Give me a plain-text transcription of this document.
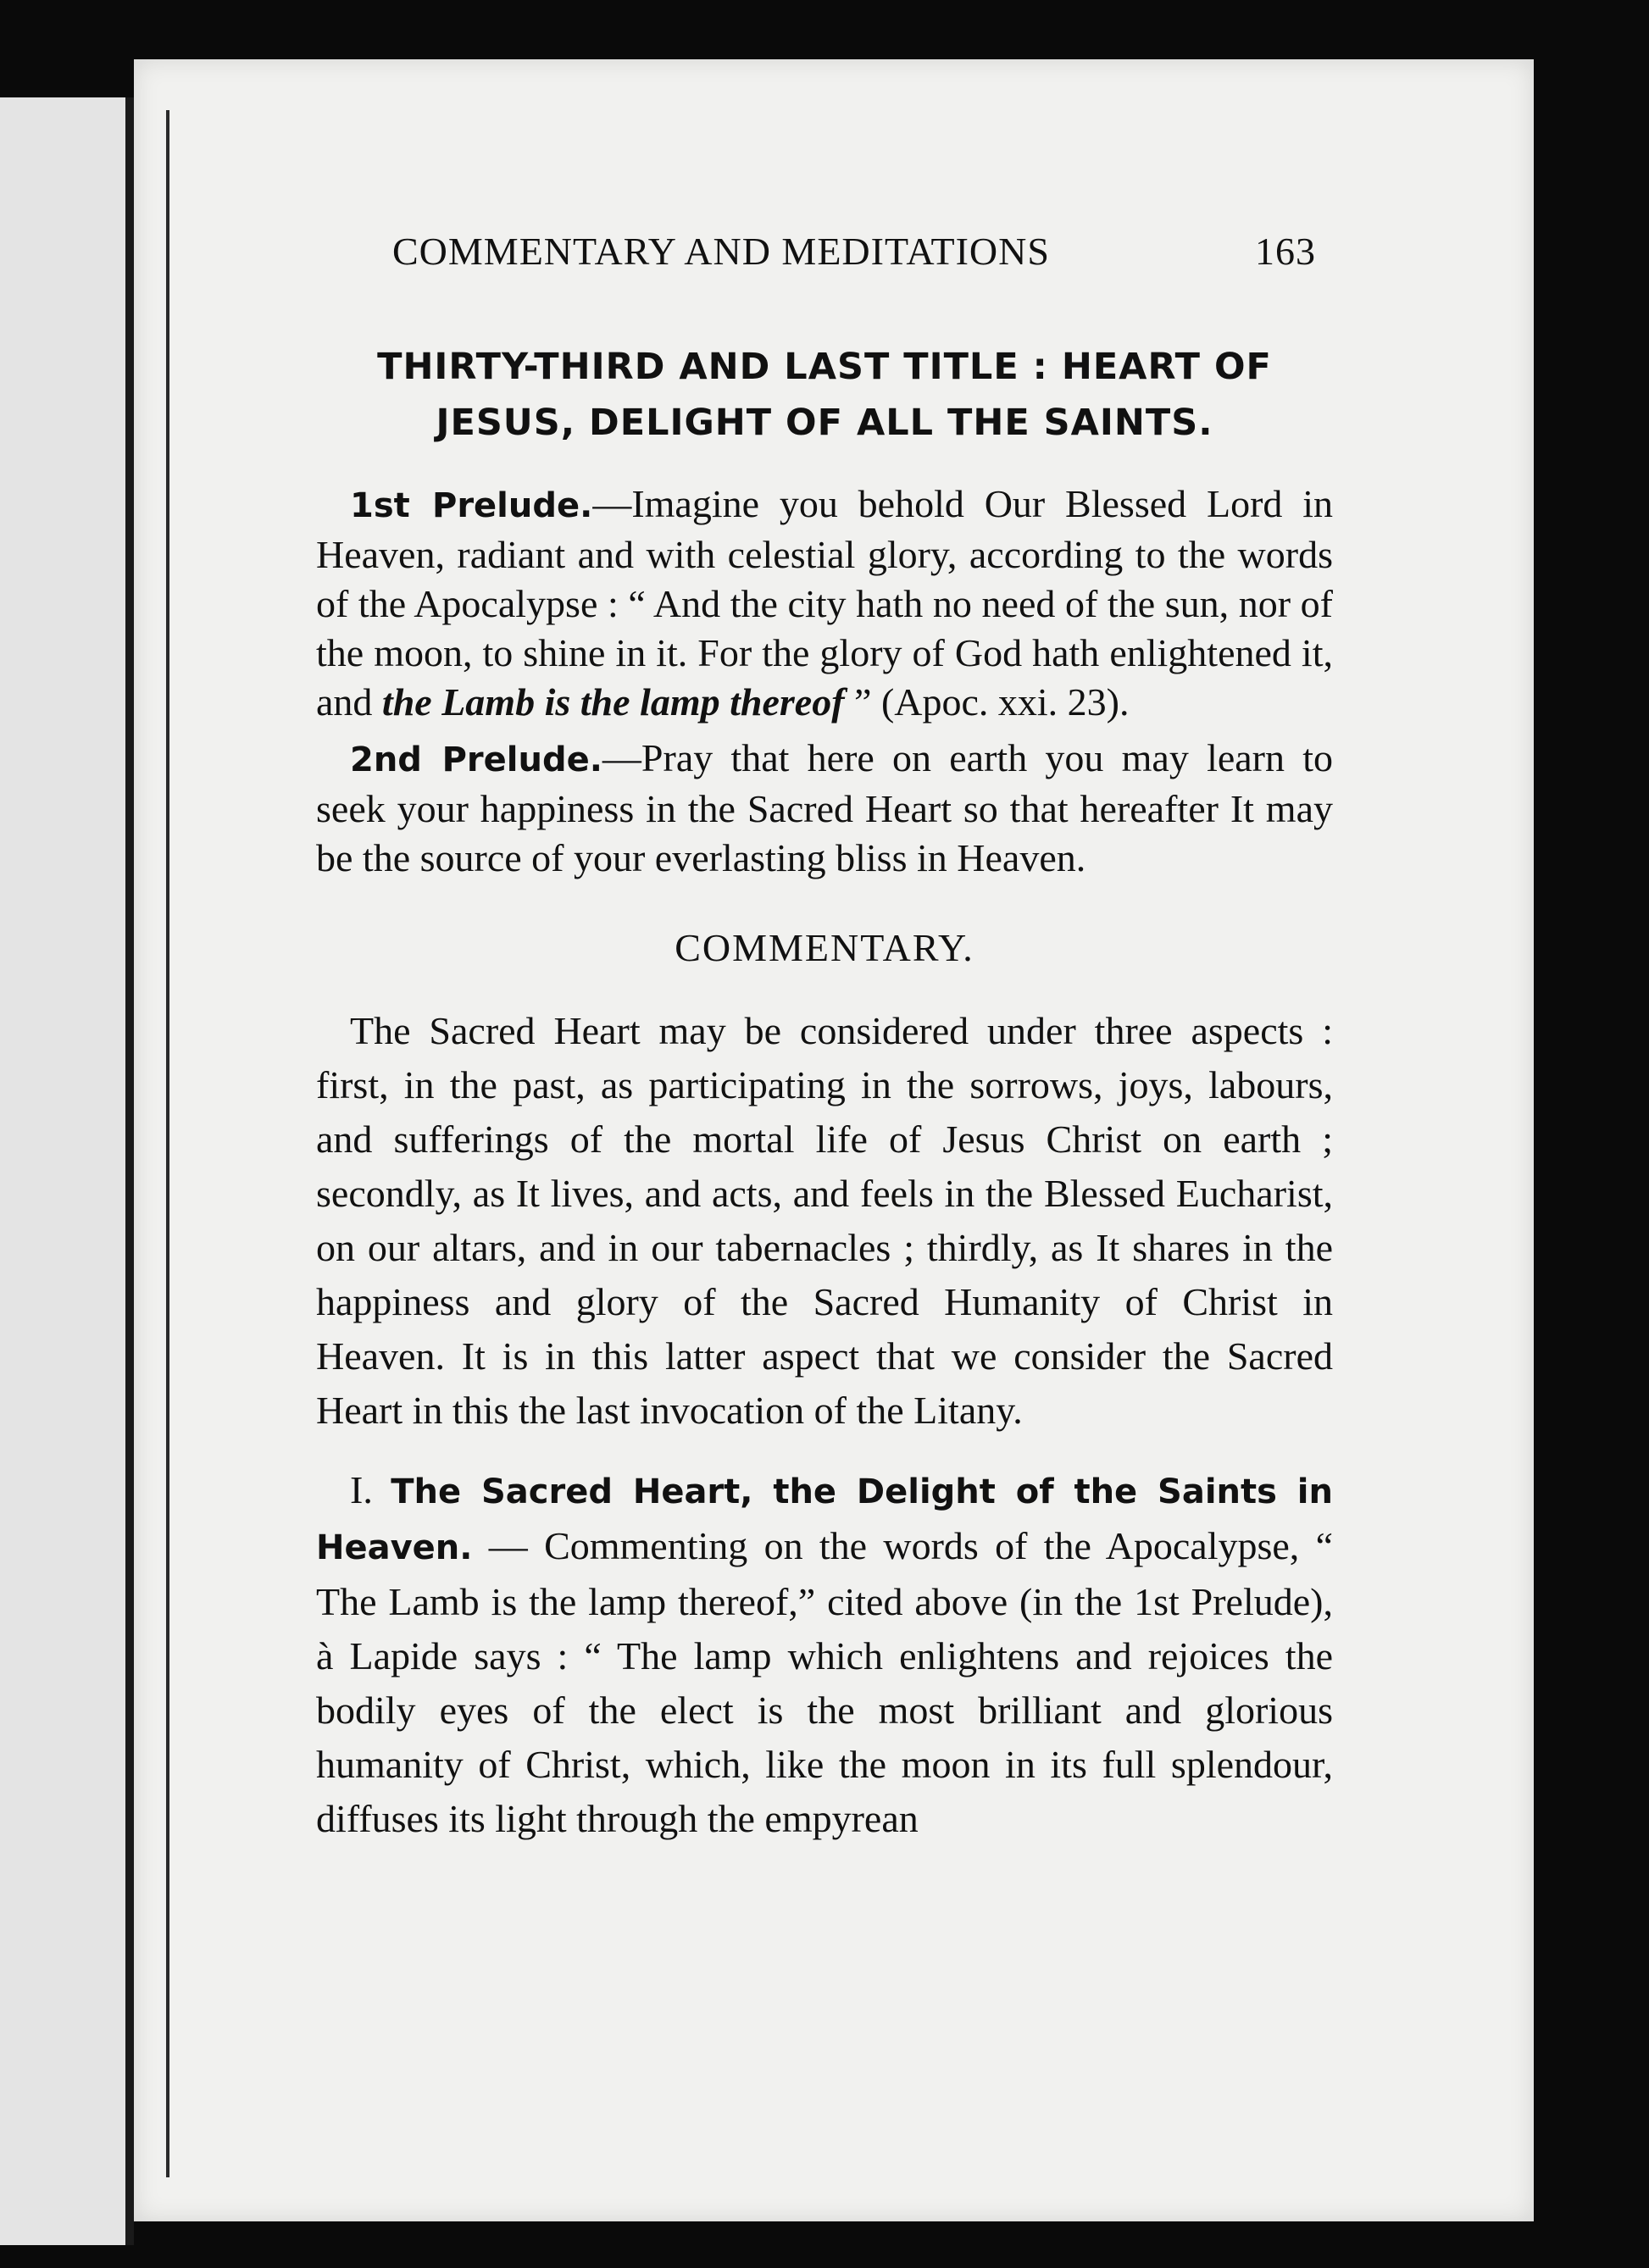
COMMENTARY AND MEDITATIONS	163
THIRTY-THIRD AND LAST TITLE : HEART OF
JESUS, DELIGHT OF ALL THE SAINTS.

1st Prelude.—Imagine you behold Our Blessed Lord in Heaven, radiant and with celestial glory, according to the words of the Apocalypse : “ And the city hath no need of the sun, nor of the moon, to shine in it. For the glory of God hath enlightened it, and the Lamb is the lamp thereof ” (Apoc. xxi. 23).

2nd Prelude.—Pray that here on earth you may learn to seek your happiness in the Sacred Heart so that hereafter It may be the source of your everlasting bliss in Heaven.

COMMENTARY.

The Sacred Heart may be considered under three aspects : first, in the past, as participating in the sorrows, joys, labours, and sufferings of the mortal life of Jesus Christ on earth ; secondly, as It lives, and acts, and feels in the Blessed Eucharist, on our altars, and in our tabernacles ; thirdly, as It shares in the happiness and glory of the Sacred Humanity of Christ in Heaven. It is in this latter aspect that we consider the Sacred Heart in this the last invocation of the Litany.

I. The Sacred Heart, the Delight of the Saints in Heaven. — Commenting on the words of the Apocalypse, “ The Lamb is the lamp thereof,” cited above (in the 1st Prelude), à Lapide says : “ The lamp which enlightens and rejoices the bodily eyes of the elect is the most brilliant and glorious humanity of Christ, which, like the moon in its full splendour, diffuses its light through the empyrean
